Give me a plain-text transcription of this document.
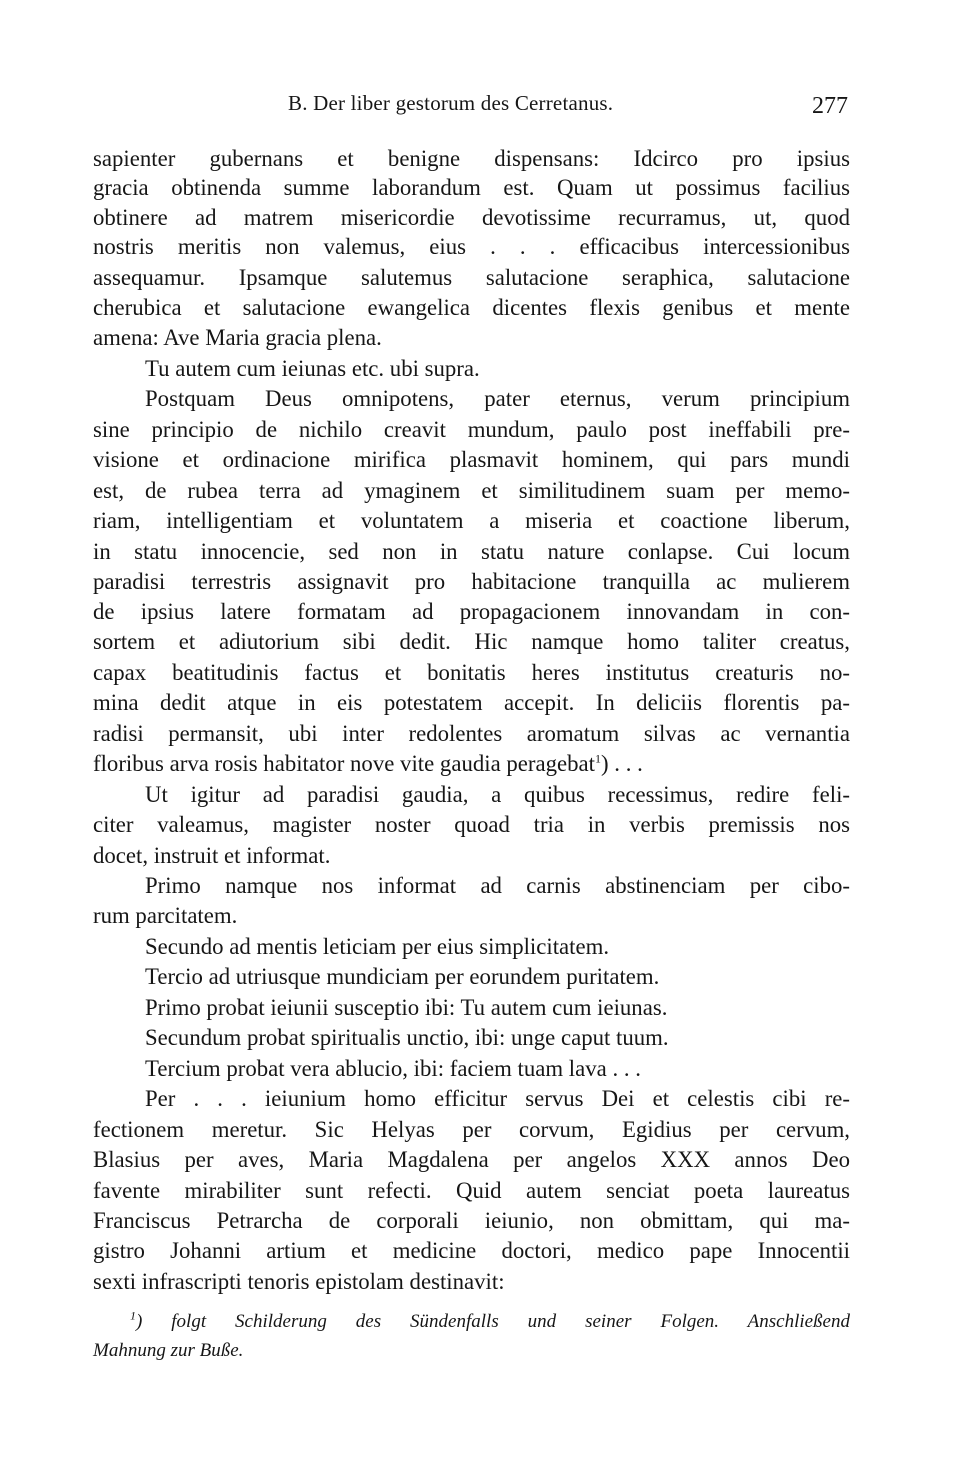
B. Der liber gestorum des Cerretanus.	277
sapienter gubernans et benigne dispensans: Idcirco pro ipsius
gracia obtinenda summe laborandum est. Quam ut possimus facilius
obtinere ad matrem misericordie devotissime recurramus, ut, quod
nostris meritis non valemus, eius . . . efficacibus intercessionibus
assequamur. Ipsamque salutemus salutacione seraphica, salutacione
cherubica et salutacione ewangelica dicentes flexis genibus et mente
amena: Ave Maria gracia plena.
Tu autem cum ieiunas etc. ubi supra.
Postquam Deus omnipotens, pater eternus, verum principium
sine principio de nichilo creavit mundum, paulo post ineffabili pre-
visione et ordinacione mirifica plasmavit hominem, qui pars mundi
est, de rubea terra ad ymaginem et similitudinem suam per memo-
riam, intelligentiam et voluntatem a miseria et coactione liberum,
in statu innocencie, sed non in statu nature conlapse. Cui locum
paradisi terrestris assignavit pro habitacione tranquilla ac mulierem
de ipsius latere formatam ad propagacionem innovandam in con-
sortem et adiutorium sibi dedit. Hic namque homo taliter creatus,
capax beatitudinis factus et bonitatis heres institutus creaturis no-
mina dedit atque in eis potestatem accepit. In deliciis florentis pa-
radisi permansit, ubi inter redolentes aromatum silvas ac vernantia
floribus arva rosis habitator nove vite gaudia peragebat$^1$) . . .
Ut igitur ad paradisi gaudia, a quibus recessimus, redire feli-
citer valeamus, magister noster quoad tria in verbis premissis nos
docet, instruit et informat.
Primo namque nos informat ad carnis abstinenciam per cibo-
rum parcitatem.
Secundo ad mentis leticiam per eius simplicitatem.
Tercio ad utriusque mundiciam per eorundem puritatem.
Primo probat ieiunii susceptio ibi: Tu autem cum ieiunas.
Secundum probat spiritualis unctio, ibi: unge caput tuum.
Tercium probat vera ablucio, ibi: faciem tuam lava . . .
Per . . . ieiunium homo efficitur servus Dei et celestis cibi re-
fectionem meretur. Sic Helyas per corvum, Egidius per cervum,
Blasius per aves, Maria Magdalena per angelos XXX annos Deo
favente mirabiliter sunt refecti. Quid autem senciat poeta laureatus
Franciscus Petrarcha de corporali ieiunio, non obmittam, qui ma-
gistro Johanni artium et medicine doctori, medico pape Innocentii
sexti infrascripti tenoris epistolam destinavit:
$^1$) folgt Schilderung des Sündenfalls und seiner Folgen. Anschließend
Mahnung zur Buße.
